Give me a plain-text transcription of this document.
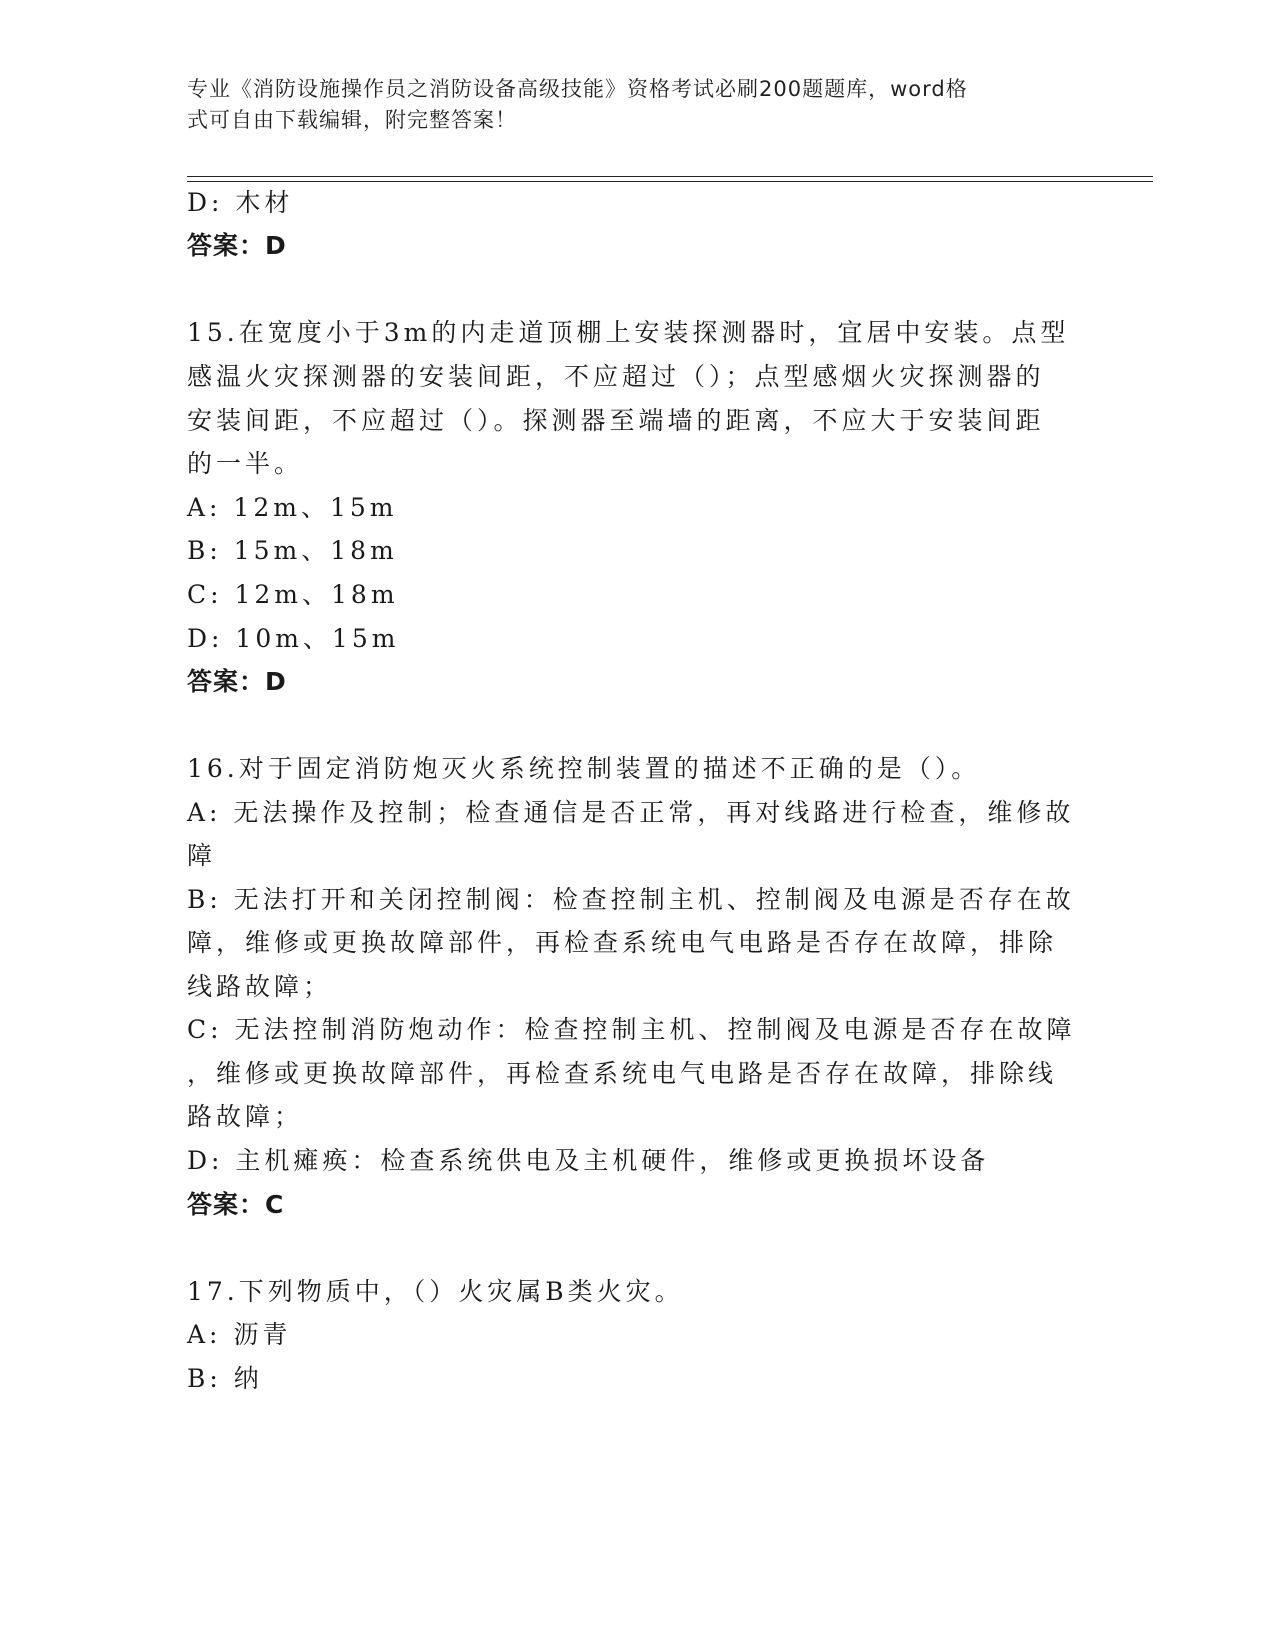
专业《消防设施操作员之消防设备高级技能》资格考试必刷200题题库，word格
式可自由下载编辑，附完整答案！
D: 木材
答案：D
15.在宽度小于3m的内走道顶棚上安装探测器时，宜居中安装。点型
感温火灾探测器的安装间距，不应超过（）；点型感烟火灾探测器的
安装间距，不应超过（）。探测器至端墙的距离，不应大于安装间距
的一半。
A: 12m、15m
B: 15m、18m
C: 12m、18m
D: 10m、15m
答案：D
16.对于固定消防炮灭火系统控制装置的描述不正确的是（）。
A: 无法操作及控制；检查通信是否正常，再对线路进行检查，维修故
障
B: 无法打开和关闭控制阀：检查控制主机、控制阀及电源是否存在故
障，维修或更换故障部件，再检查系统电气电路是否存在故障，排除
线路故障；
C: 无法控制消防炮动作：检查控制主机、控制阀及电源是否存在故障
，维修或更换故障部件，再检查系统电气电路是否存在故障，排除线
路故障；
D: 主机瘫痪：检查系统供电及主机硬件，维修或更换损坏设备
答案：C
17.下列物质中，（）火灾属B类火灾。
A: 沥青
B: 纳
